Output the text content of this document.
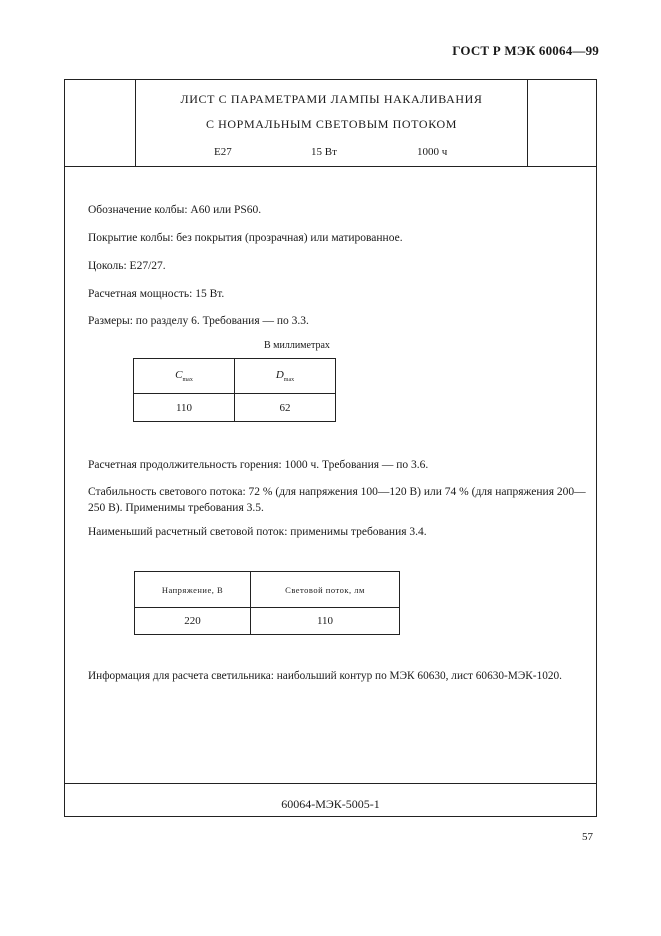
ГОСТ Р МЭК 60064—99
ЛИСТ С ПАРАМЕТРАМИ ЛАМПЫ НАКАЛИВАНИЯ
С НОРМАЛЬНЫМ СВЕТОВЫМ ПОТОКОМ
E27	15 Вт	1000 ч
60064-МЭК-5005-1
Обозначение колбы: А60 или PS60.
Покрытие колбы: без покрытия (прозрачная) или матированное.
Цоколь: E27/27.
Расчетная мощность: 15 Вт.
Размеры: по разделу 6. Требования — по 3.3.
В миллиметрах
$C_{max}$	$D_{max}$
110	62
Расчетная продолжительность горения: 1000 ч. Требования — по 3.6.
Стабильность светового потока: 72 % (для напряжения 100—120 В) или 74 % (для напряжения 200—250 В). Применимы требования 3.5.
Наименьший расчетный световой поток: применимы требования 3.4.
Напряжение, В	Световой поток, лм
220	110
Информация для расчета светильника: наибольший контур по МЭК 60630, лист 60630-МЭК-1020.
57
